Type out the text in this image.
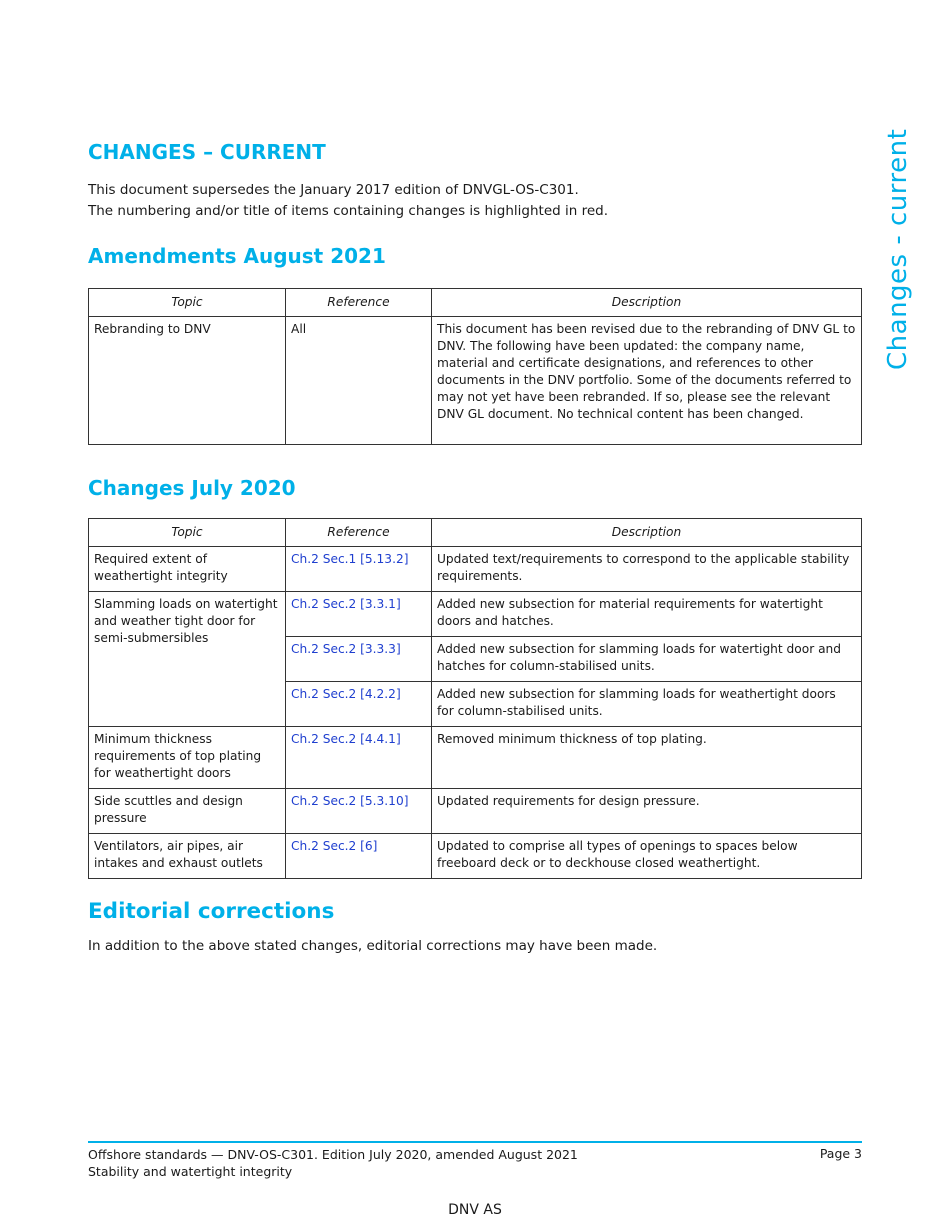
CHANGES – CURRENT	Changes - current
This document supersedes the January 2017 edition of DNVGL-OS-C301.
The numbering and/or title of items containing changes is highlighted in red.
Amendments August 2021
Topic	Reference	Description
Rebranding to DNV	All	This document has been revised due to the rebranding of DNV GL to DNV. The following have been updated: the company name, material and certificate designations, and references to other documents in the DNV portfolio. Some of the documents referred to may not yet have been rebranded. If so, please see the relevant DNV GL document. No technical content has been changed.
Changes July 2020
Topic	Reference	Description
Required extent of weathertight integrity	Ch.2 Sec.1 [5.13.2]	Updated text/requirements to correspond to the applicable stability requirements.
Slamming loads on watertight and weather tight door for semi-submersibles	Ch.2 Sec.2 [3.3.1]	Added new subsection for material requirements for watertight doors and hatches.
	Ch.2 Sec.2 [3.3.3]	Added new subsection for slamming loads for watertight door and hatches for column-stabilised units.
	Ch.2 Sec.2 [4.2.2]	Added new subsection for slamming loads for weathertight doors for column-stabilised units.
Minimum thickness requirements of top plating for weathertight doors	Ch.2 Sec.2 [4.4.1]	Removed minimum thickness of top plating.
Side scuttles and design pressure	Ch.2 Sec.2 [5.3.10]	Updated requirements for design pressure.
Ventilators, air pipes, air intakes and exhaust outlets	Ch.2 Sec.2 [6]	Updated to comprise all types of openings to spaces below freeboard deck or to deckhouse closed weathertight.
Editorial corrections
In addition to the above stated changes, editorial corrections may have been made.
Offshore standards — DNV-OS-C301. Edition July 2020, amended August 2021
Stability and watertight integrity
Page 3
DNV AS
